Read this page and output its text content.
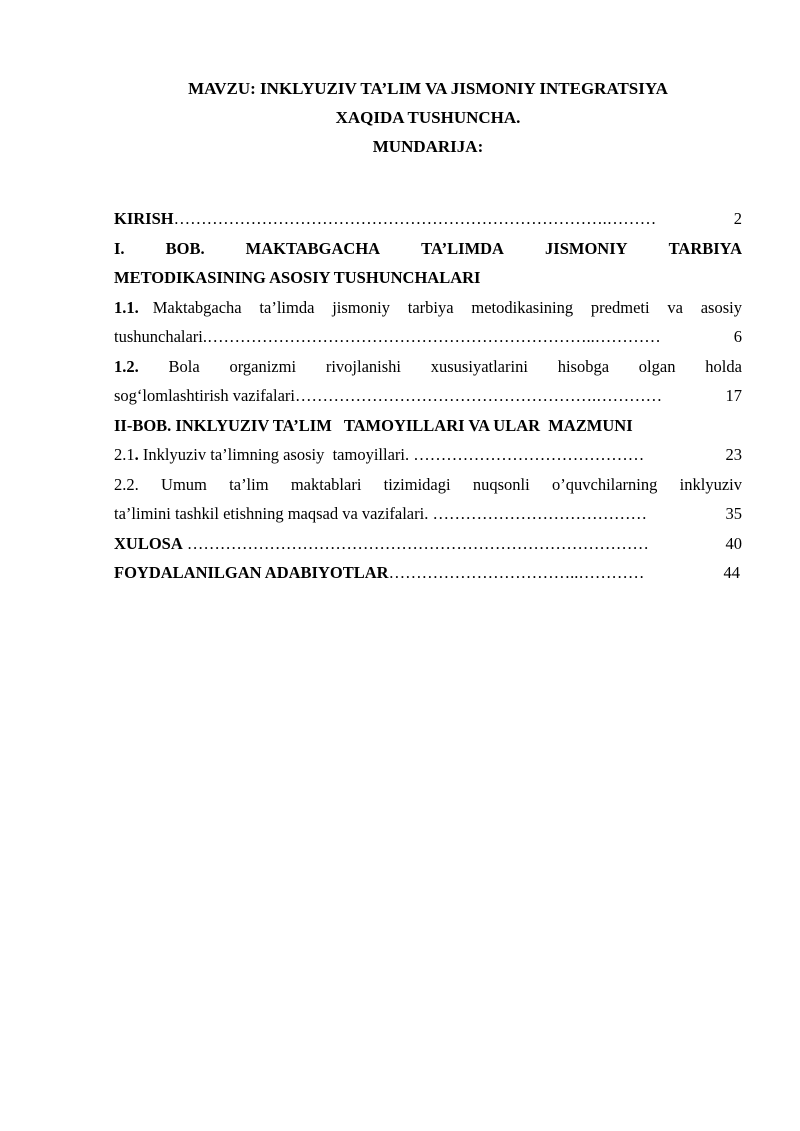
MAVZU: INKLYUZIV TA’LIM VA JISMONIY INTEGRATSIYA
XAQIDA TUSHUNCHA.
MUNDARIJA:
KIRISH …………………………………………………………………….………	2
I. BOB. MAKTABGACHA TA’LIMDA JISMONIY TARBIYA
METODIKASINING ASOSIY TUSHUNCHALARI
1.1. Maktabgacha ta’limda jismoniy tarbiya metodikasining predmeti va asosiy
tushunchalari. ……………………………………………………………..…………	6
1.2. Bola organizmi rivojlanishi xususiyatlarini hisobga olgan holda
sog‘lomlashtirish vazifalari ……………………………………………….…………	17
II-BOB. INKLYUZIV TA’LIM   TAMOYILLARI VA ULAR  MAZMUNI
2.1 . Inklyuziv ta’limning asosiy  tamoyillari. ……………………………………	23
2.2. Umum ta’lim maktablari tizimidagi nuqsonli o’quvchilarning inklyuziv
ta’limini tashkil etishning maqsad va vazifalari. …………………………………	35
XULOSA …………………………………………………………………………	40
FOYDALANILGAN ADABIYOTLAR ……………………………..…………	44
